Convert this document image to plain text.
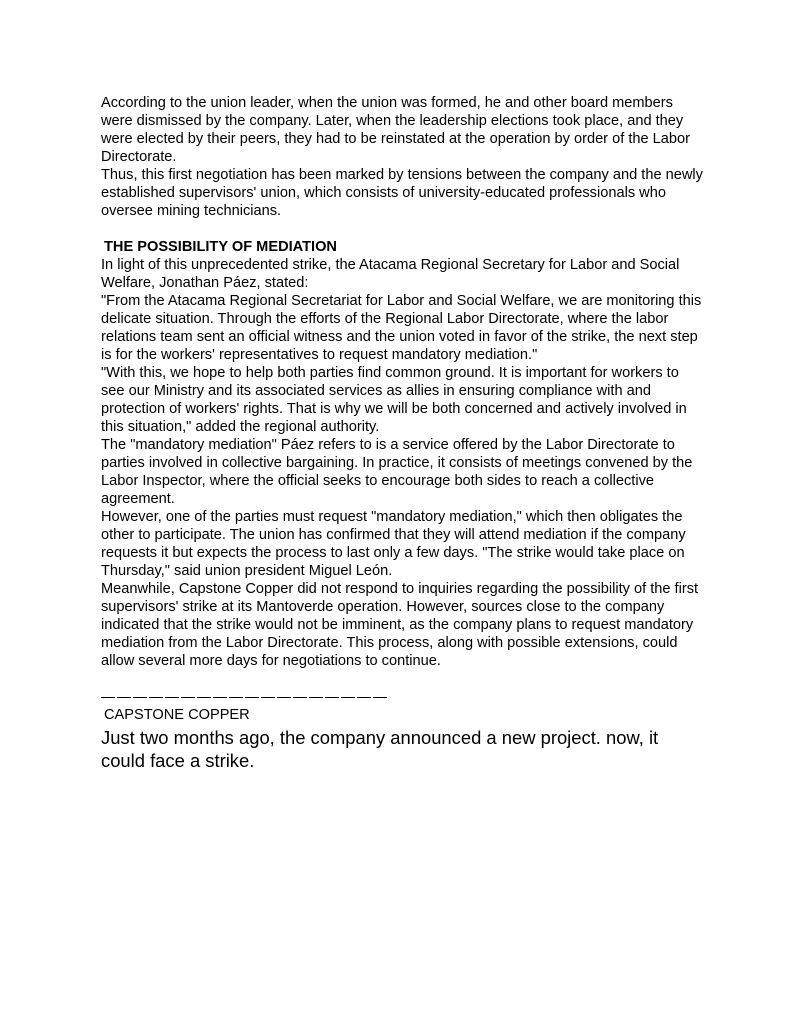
According to the union leader, when the union was formed, he and other board members were dismissed by the company. Later, when the leadership elections took place, and they were elected by their peers, they had to be reinstated at the operation by order of the Labor Directorate.

Thus, this first negotiation has been marked by tensions between the company and the newly established supervisors' union, which consists of university-educated professionals who oversee mining technicians.

THE POSSIBILITY OF MEDIATION

In light of this unprecedented strike, the Atacama Regional Secretary for Labor and Social Welfare, Jonathan Páez, stated:

"From the Atacama Regional Secretariat for Labor and Social Welfare, we are monitoring this delicate situation. Through the efforts of the Regional Labor Directorate, where the labor relations team sent an official witness and the union voted in favor of the strike, the next step is for the workers' representatives to request mandatory mediation."

"With this, we hope to help both parties find common ground. It is important for workers to see our Ministry and its associated services as allies in ensuring compliance with and protection of workers' rights. That is why we will be both concerned and actively involved in this situation," added the regional authority.

The "mandatory mediation" Páez refers to is a service offered by the Labor Directorate to parties involved in collective bargaining. In practice, it consists of meetings convened by the Labor Inspector, where the official seeks to encourage both sides to reach a collective agreement.

However, one of the parties must request "mandatory mediation," which then obligates the other to participate. The union has confirmed that they will attend mediation if the company requests it but expects the process to last only a few days. "The strike would take place on Thursday," said union president Miguel León.

Meanwhile, Capstone Copper did not respond to inquiries regarding the possibility of the first supervisors' strike at its Mantoverde operation. However, sources close to the company indicated that the strike would not be imminent, as the company plans to request mandatory mediation from the Labor Directorate. This process, along with possible extensions, could allow several more days for negotiations to continue.

CAPSTONE COPPER

Just two months ago, the company announced a new project. now, it could face a strike.
